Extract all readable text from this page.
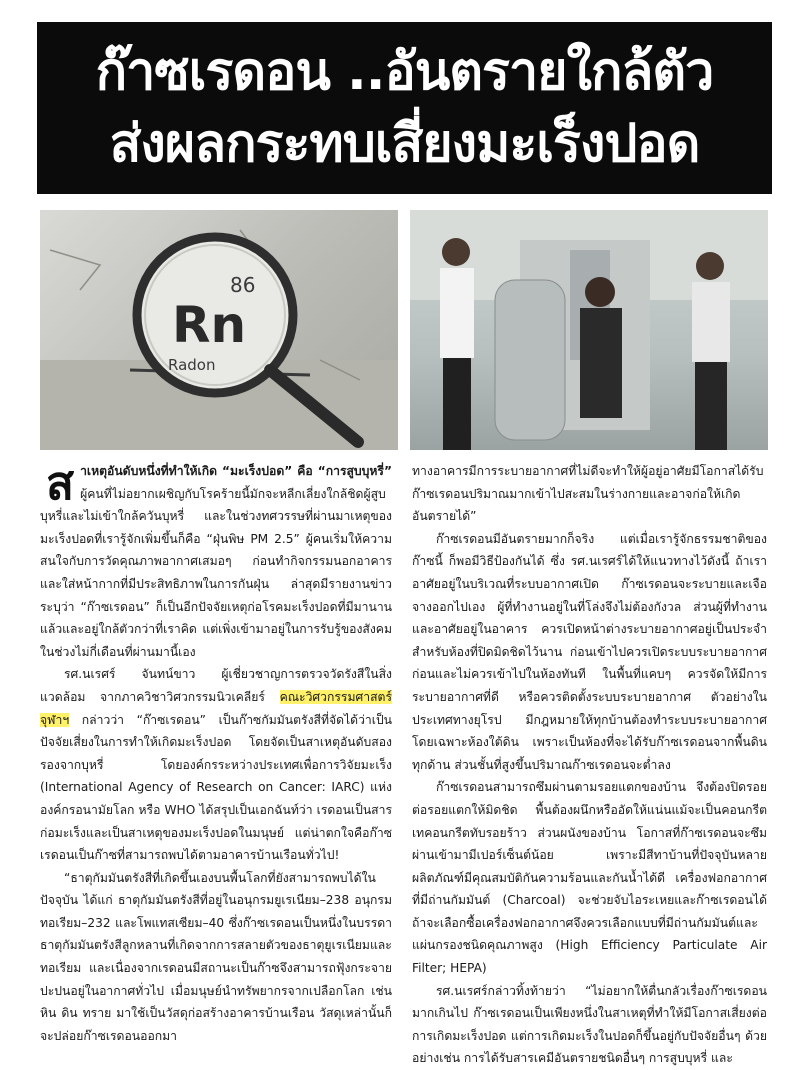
ก๊าซเรดอน ..อันตรายใกล้ตัว
ส่งผลกระทบเสี่ยงมะเร็งปอด
86
Rn
Radon

ส าเหตุอันดับหนึ่งที่ทำให้เกิด “มะเร็งปอด” คือ “การสูบบุหรี่” ผู้คนที่ไม่อยากเผชิญกับโรคร้ายนี้มักจะหลีกเลี่ยงใกล้ชิดผู้สูบบุหรี่และไม่เข้าใกล้ควันบุหรี่ และในช่วงทศวรรษที่ผ่านมาเหตุของมะเร็งปอดที่เรารู้จักเพิ่มขึ้นก็คือ “ฝุ่นพิษ PM 2.5” ผู้คนเริ่มให้ความสนใจกับการวัดคุณภาพอากาศเสมอๆ ก่อนทำกิจกรรมนอกอาคาร และใส่หน้ากากที่มีประสิทธิภาพในการกันฝุ่น ล่าสุดมีรายงานข่าวระบุว่า “ก๊าซเรดอน” ก็เป็นอีกปัจจัยเหตุก่อโรคมะเร็งปอดที่มีมานานแล้วและอยู่ใกล้ตัวกว่าที่เราคิด แต่เพิ่งเข้ามาอยู่ในการรับรู้ของสังคมในช่วงไม่กี่เดือนที่ผ่านมานี้เอง

รศ.นเรศร์ จันทน์ขาว ผู้เชี่ยวชาญการตรวจวัดรังสีในสิ่งแวดล้อม จากภาควิชาวิศวกรรมนิวเคลียร์ คณะวิศวกรรมศาสตร์ จุฬาฯ กล่าวว่า “ก๊าซเรดอน” เป็นก๊าซกัมมันตรังสีที่จัดได้ว่าเป็นปัจจัยเสี่ยงในการทำให้เกิดมะเร็งปอด โดยจัดเป็นสาเหตุอันดับสองรองจากบุหรี่ โดยองค์กรระหว่างประเทศเพื่อการวิจัยมะเร็ง (International Agency of Research on Cancer: IARC) แห่งองค์กรอนามัยโลก หรือ WHO ได้สรุปเป็นเอกฉันท์ว่า เรดอนเป็นสารก่อมะเร็งและเป็นสาเหตุของมะเร็งปอดในมนุษย์ แต่น่าตกใจคือก๊าซเรดอนเป็นก๊าซที่สามารถพบได้ตามอาคารบ้านเรือนทั่วไป!

“ธาตุกัมมันตรังสีที่เกิดขึ้นเองบนพื้นโลกที่ยังสามารถพบได้ในปัจจุบัน ได้แก่ ธาตุกัมมันตรังสีที่อยู่ในอนุกรมยูเรเนียม–238 อนุกรมทอเรียม–232 และโพแทสเซียม–40 ซึ่งก๊าซเรดอนเป็นหนึ่งในบรรดาธาตุกัมมันตรังสีลูกหลานที่เกิดจากการสลายตัวของธาตุยูเรเนียมและทอเรียม และเนื่องจากเรดอนมีสถานะเป็นก๊าซจึงสามารถฟุ้งกระจายปะปนอยู่ในอากาศทั่วไป เมื่อมนุษย์นำทรัพยากรจากเปลือกโลก เช่น หิน ดิน ทราย มาใช้เป็นวัสดุก่อสร้างอาคารบ้านเรือน วัสดุเหล่านั้นก็จะปล่อยก๊าซเรดอนออกมา

ทางอาคารมีการระบายอากาศที่ไม่ดีจะทำให้ผู้อยู่อาศัยมีโอกาสได้รับก๊าซเรดอนปริมาณมากเข้าไปสะสมในร่างกายและอาจก่อให้เกิดอันตรายได้”

ก๊าซเรดอนมีอันตรายมากก็จริง แต่เมื่อเรารู้จักธรรมชาติของก๊าซนี้ ก็พอมีวิธีป้องกันได้ ซึ่ง รศ.นเรศร์ได้ให้แนวทางไว้ดังนี้ ถ้าเราอาศัยอยู่ในบริเวณที่ระบบอากาศเปิด ก๊าซเรดอนจะระบายและเจือจางออกไปเอง ผู้ที่ทำงานอยู่ในที่โล่งจึงไม่ต้องกังวล ส่วนผู้ที่ทำงานและอาศัยอยู่ในอาคาร ควรเปิดหน้าต่างระบายอากาศอยู่เป็นประจำ สำหรับห้องที่ปิดมิดชิดไว้นาน ก่อนเข้าไปควรเปิดระบบระบายอากาศก่อนและไม่ควรเข้าไปในห้องทันที ในพื้นที่แคบๆ ควรจัดให้มีการระบายอากาศที่ดี หรือควรติดตั้งระบบระบายอากาศ ตัวอย่างในประเทศทางยุโรป มีกฎหมายให้ทุกบ้านต้องทำระบบระบายอากาศ โดยเฉพาะห้องใต้ดิน เพราะเป็นห้องที่จะได้รับก๊าซเรดอนจากพื้นดินทุกด้าน ส่วนชั้นที่สูงขึ้นปริมาณก๊าซเรดอนจะต่ำลง

ก๊าซเรดอนสามารถซึมผ่านตามรอยแตกของบ้าน จึงต้องปิดรอยต่อรอยแตกให้มิดชิด พื้นต้องผนึกหรืออัดให้แน่นแม้จะเป็นคอนกรีต เทคอนกรีตทับรอยร้าว ส่วนผนังของบ้าน โอกาสที่ก๊าซเรดอนจะซึมผ่านเข้ามามีเปอร์เซ็นต์น้อย เพราะมีสีทาบ้านที่ปัจจุบันหลายผลิตภัณฑ์มีคุณสมบัติกันความร้อนและกันน้ำได้ดี เครื่องฟอกอากาศที่มีถ่านกัมมันต์ (Charcoal) จะช่วยจับไอระเหยและก๊าซเรดอนได้ ถ้าจะเลือกซื้อเครื่องฟอกอากาศจึงควรเลือกแบบที่มีถ่านกัมมันต์และแผ่นกรองชนิดคุณภาพสูง (High Efficiency Particulate Air Filter; HEPA)

รศ.นเรศร์กล่าวทิ้งท้ายว่า “ไม่อยากให้ตื่นกลัวเรื่องก๊าซเรดอนมากเกินไป ก๊าซเรดอนเป็นเพียงหนึ่งในสาเหตุที่ทำให้มีโอกาสเสี่ยงต่อการเกิดมะเร็งปอด แต่การเกิดมะเร็งในปอดก็ขึ้นอยู่กับปัจจัยอื่นๆ ด้วย อย่างเช่น การได้รับสารเคมีอันตรายชนิดอื่นๆ การสูบบุหรี่ และ
